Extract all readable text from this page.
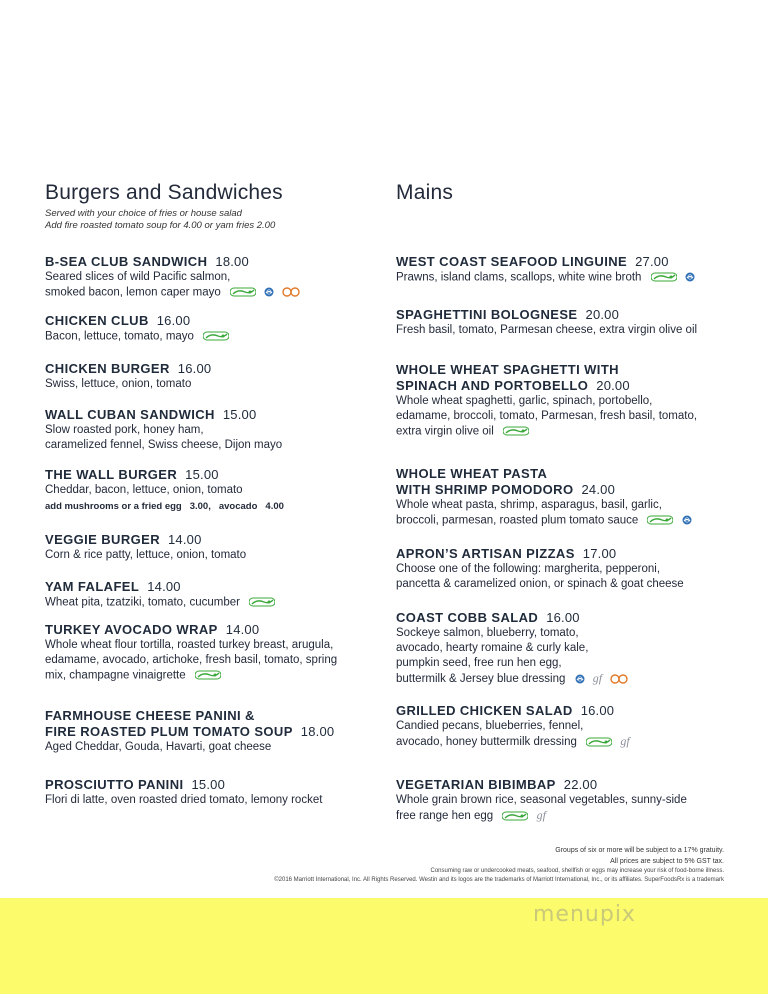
Burgers and Sandwiches
Served with your choice of fries or house salad
Add fire roasted tomato soup for 4.00 or yam fries 2.00
B-SEA CLUB SANDWICH 18.00
Seared slices of wild Pacific salmon,
smoked bacon, lemon caper mayo
CHICKEN CLUB 16.00
Bacon, lettuce, tomato, mayo
CHICKEN BURGER 16.00
Swiss, lettuce, onion, tomato
WALL CUBAN SANDWICH 15.00
Slow roasted pork, honey ham,
caramelized fennel, Swiss cheese, Dijon mayo
THE WALL BURGER 15.00
Cheddar, bacon, lettuce, onion, tomato
add mushrooms or a fried egg 3.00, avocado 4.00
VEGGIE BURGER 14.00
Corn & rice patty, lettuce, onion, tomato
YAM FALAFEL 14.00
Wheat pita, tzatziki, tomato, cucumber
TURKEY AVOCADO WRAP 14.00
Whole wheat flour tortilla, roasted turkey breast, arugula,
edamame, avocado, artichoke, fresh basil, tomato, spring
mix, champagne vinaigrette
FARMHOUSE CHEESE PANINI &
FIRE ROASTED PLUM TOMATO SOUP 18.00
Aged Cheddar, Gouda, Havarti, goat cheese
PROSCIUTTO PANINI 15.00
Flori di latte, oven roasted dried tomato, lemony rocket
Mains
WEST COAST SEAFOOD LINGUINE 27.00
Prawns, island clams, scallops, white wine broth
SPAGHETTINI BOLOGNESE 20.00
Fresh basil, tomato, Parmesan cheese, extra virgin olive oil
WHOLE WHEAT SPAGHETTI WITH
SPINACH AND PORTOBELLO 20.00
Whole wheat spaghetti, garlic, spinach, portobello,
edamame, broccoli, tomato, Parmesan, fresh basil, tomato,
extra virgin olive oil
WHOLE WHEAT PASTA
WITH SHRIMP POMODORO 24.00
Whole wheat pasta, shrimp, asparagus, basil, garlic,
broccoli, parmesan, roasted plum tomato sauce
APRON’S ARTISAN PIZZAS 17.00
Choose one of the following: margherita, pepperoni,
pancetta & caramelized onion, or spinach & goat cheese
COAST COBB SALAD 16.00
Sockeye salmon, blueberry, tomato,
avocado, hearty romaine & curly kale,
pumpkin seed, free run hen egg,
buttermilk & Jersey blue dressing gf
GRILLED CHICKEN SALAD 16.00
Candied pecans, blueberries, fennel,
avocado, honey buttermilk dressing	gf
VEGETARIAN BIBIMBAP 22.00
Whole grain brown rice, seasonal vegetables, sunny-side
free range hen egg	gf
Groups of six or more will be subject to a 17% gratuity.
All prices are subject to 5% GST tax.
Consuming raw or undercooked meats, seafood, shellfish or eggs may increase your risk of food-borne illness.
©2016 Marriott International, Inc. All Rights Reserved. Westin and its logos are the trademarks of Marriott International, Inc., or its affiliates. SuperFoodsRx is a trademark
menupix
